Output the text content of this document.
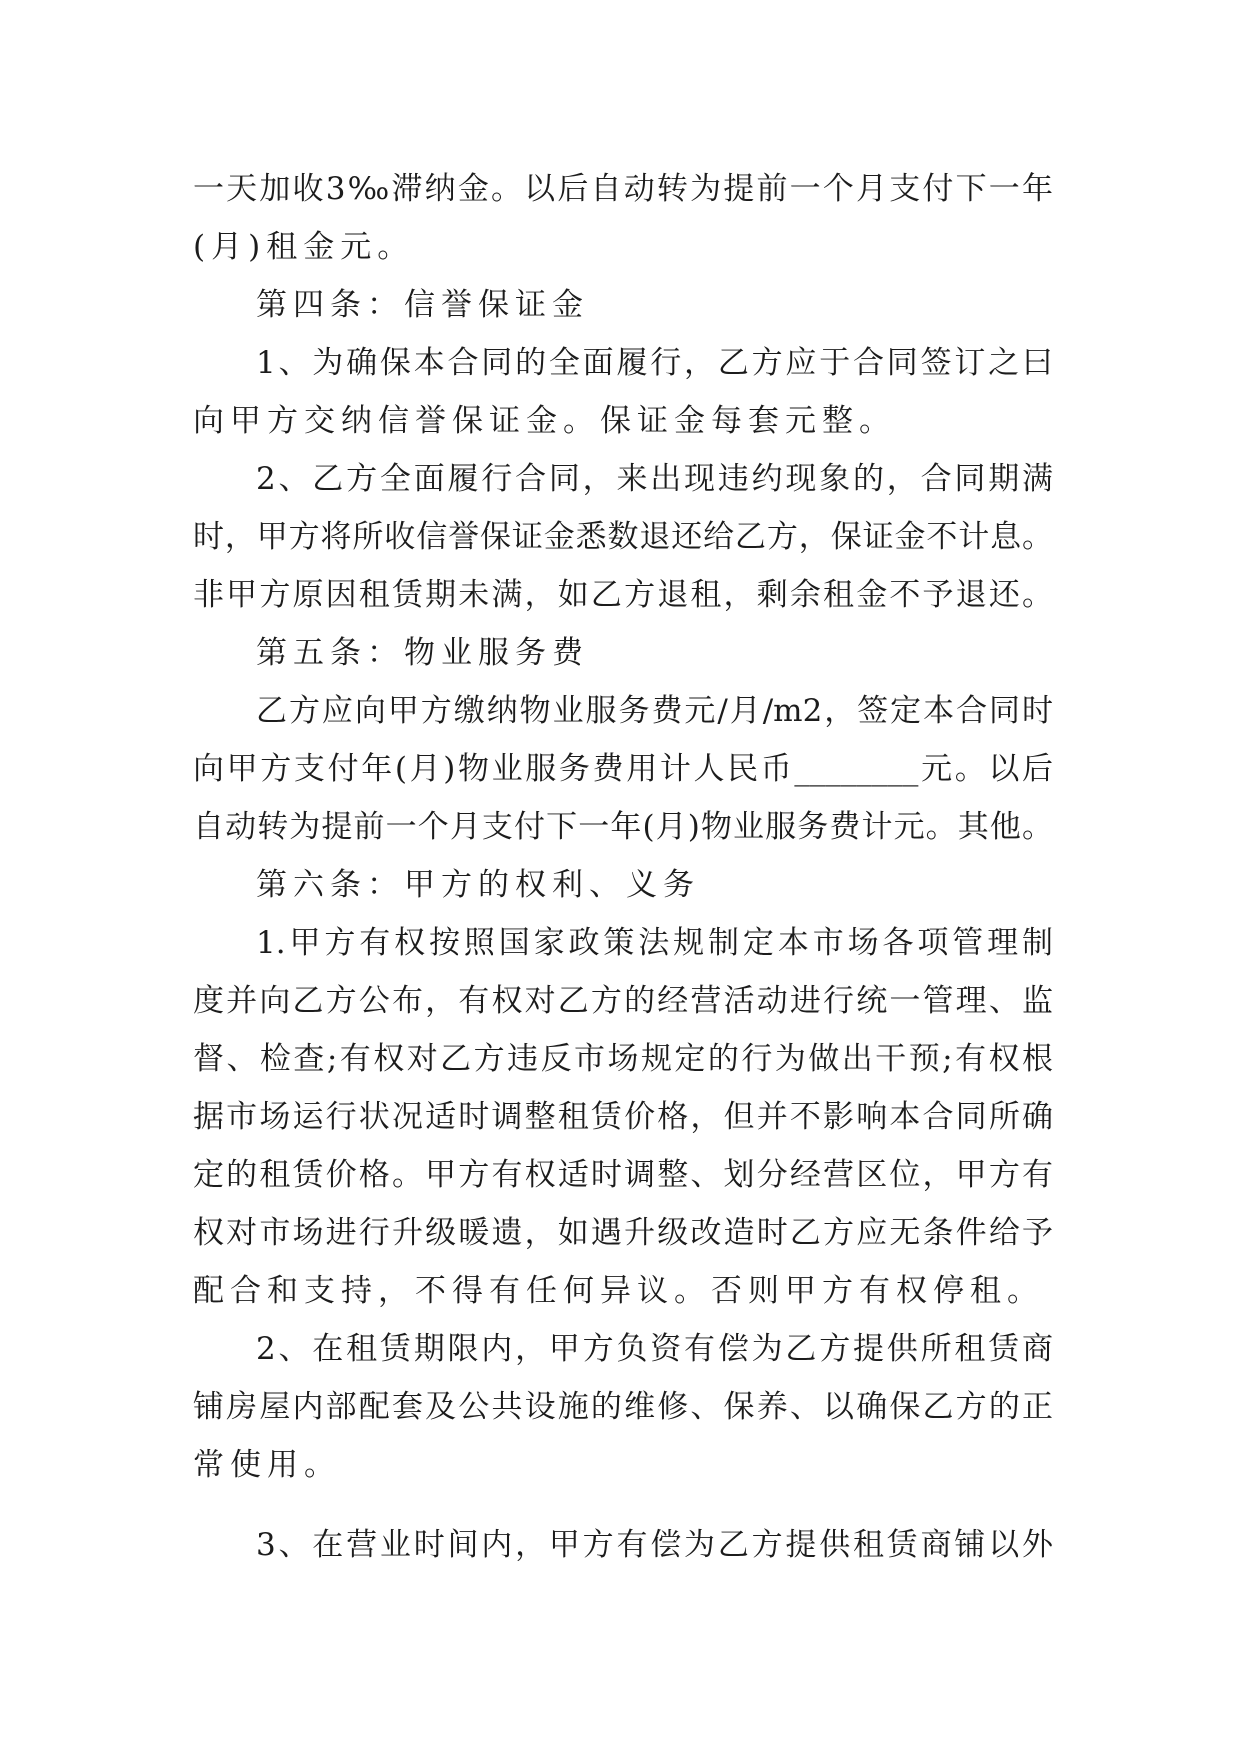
一天加收3‰滞纳金。以后自动转为提前一个月支付下一年
(月)租金元。
第四条：信誉保证金
1、为确保本合同的全面履行，乙方应于合同签订之曰
向甲方交纳信誉保证金。保证金每套元整。
2、乙方全面履行合同，来出现违约现象的，合同期满
时，甲方将所收信誉保证金悉数退还给乙方，保证金不计息。
非甲方原因租赁期未满，如乙方退租，剩余租金不予退还。
第五条：物业服务费
乙方应向甲方缴纳物业服务费元/月/m2，签定本合同时
向甲方支付年(月)物业服务费用计人民币________元。以后
自动转为提前一个月支付下一年(月)物业服务费计元。其他。
第六条：甲方的权利、义务
1.甲方有权按照国家政策法规制定本市场各项管理制
度并向乙方公布，有权对乙方的经营活动进行统一管理、监
督、检查;有权对乙方违反市场规定的行为做出干预;有权根
据市场运行状况适时调整租赁价格，但并不影响本合同所确
定的租赁价格。甲方有权适时调整、划分经营区位，甲方有
权对市场进行升级暖遗，如遇升级改造时乙方应无条件给予
配合和支持，不得有任何异议。否则甲方有权停租。
2、在租赁期限内，甲方负资有偿为乙方提供所租赁商
铺房屋内部配套及公共设施的维修、保养、以确保乙方的正
常使用。
3、在营业时间内，甲方有偿为乙方提供租赁商铺以外
